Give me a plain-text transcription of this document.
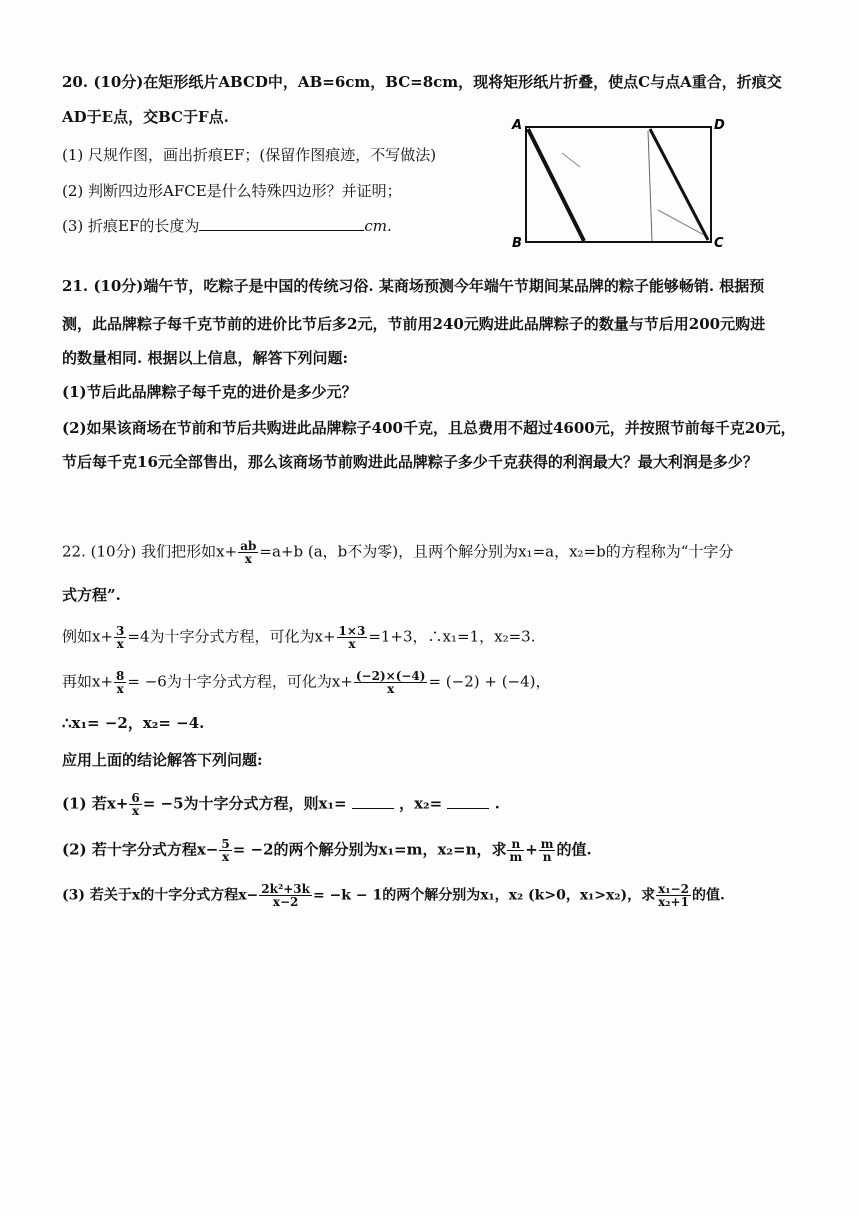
20. (10分)在矩形纸片ABCD中，AB=6cm，BC=8cm，现将矩形纸片折叠，使点C与点A重合，折痕交
AD于E点，交BC于F点.
(1) 尺规作图，画出折痕EF；(保留作图痕迹，不写做法)
(2) 判断四边形AFCE是什么特殊四边形？并证明；
(3) 折痕EF的长度为	cm.
A	D
B	C
21. (10分)端午节，吃粽子是中国的传统习俗. 某商场预测今年端午节期间某品牌的粽子能够畅销. 根据预
测，此品牌粽子每千克节前的进价比节后多2元，节前用240元购进此品牌粽子的数量与节后用200元购进
的数量相同. 根据以上信息，解答下列问题:
(1)节后此品牌粽子每千克的进价是多少元？
(2)如果该商场在节前和节后共购进此品牌粽子400千克，且总费用不超过4600元，并按照节前每千克20元，
节后每千克16元全部售出，那么该商场节前购进此品牌粽子多少千克获得的利润最大？最大利润是多少？
22. (10分) 我们把形如$x+ \frac{ab}{x} =a+b$ (a，b不为零)，且两个解分别为x₁=a，x₂=b的方程称为“十字分
式方程”.
例如$x+ \frac{3}{x} =4$为十字分式方程，可化为$x+ \frac{1\times 3}{x} =1+3$，∴x₁=1，x₂=3.
再如$x+ \frac{8}{x} = -6$为十字分式方程，可化为$x+ \frac{(-2)\times(-4)}{x} = (-2) + (-4)$，
∴x₁= −2，x₂= −4.
应用上面的结论解答下列问题:
(1) 若$x+ \frac{6}{x} = -5$为十字分式方程，则x₁=	，x₂=	.
(2) 若十字分式方程$x- \frac{5}{x} = -2$的两个解分别为x₁=m，x₂=n，求 $\frac{n}{m} + \frac{m}{n}$ 的值.
(3) 若关于x的十字分式方程$x- \frac{\text{2k²+3k}}{x-2} = -k - 1$的两个解分别为x₁，x₂ (k>0，x₁>x₂)，求 $\frac{\text{x₁−2}}{\text{x₂+1}}$ 的值.
